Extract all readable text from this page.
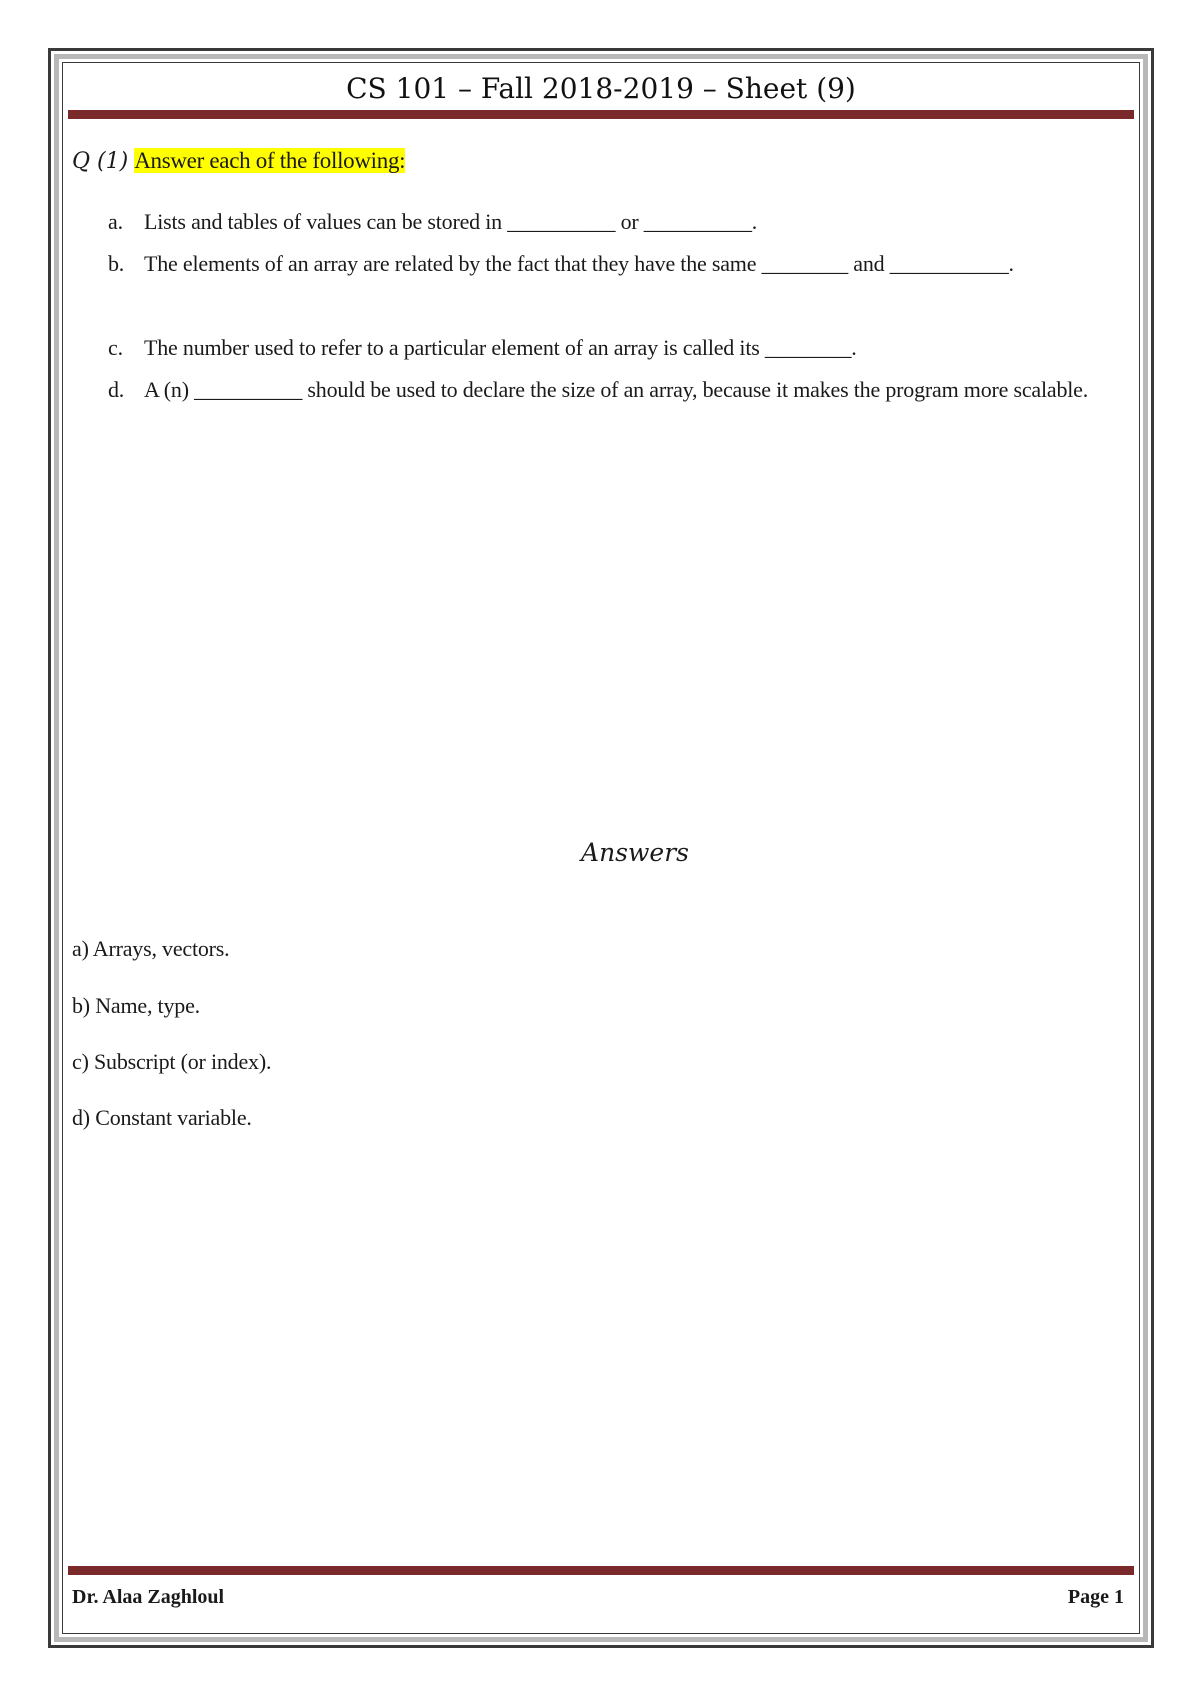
CS 101 – Fall 2018-2019 – Sheet (9)
Q (1) Answer each of the following:
a. Lists and tables of values can be stored in __________ or __________.
b. The elements of an array are related by the fact that they have the same ________ and ___________.
c. The number used to refer to a particular element of an array is called its ________.
d. A (n) __________ should be used to declare the size of an array, because it makes the program more scalable.
Answers
a) Arrays, vectors.
b) Name, type.
c) Subscript (or index).
d) Constant variable.
Dr. Alaa Zaghloul	Page 1
